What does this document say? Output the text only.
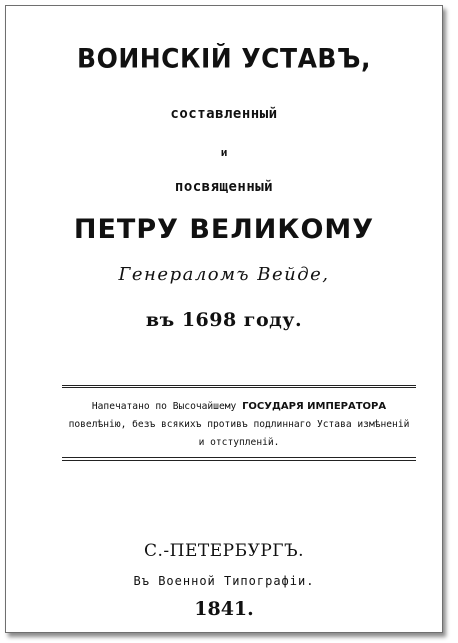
ВОИНСКІЙ УСТАВЪ,
составленный
и
посвященный
ПЕТРУ ВЕЛИКОМУ
Генераломъ Вейде,
въ 1698 году.
Напечатано по Высочайшему ГОСУДАРЯ ИМПЕРАТОРА
повелѣнію, безъ всякихъ противъ подлиннаго Устава измѣненій
и отступленій.
С.-ПЕТЕРБУРГЪ.
Въ Военной Типографіи.
1841.
